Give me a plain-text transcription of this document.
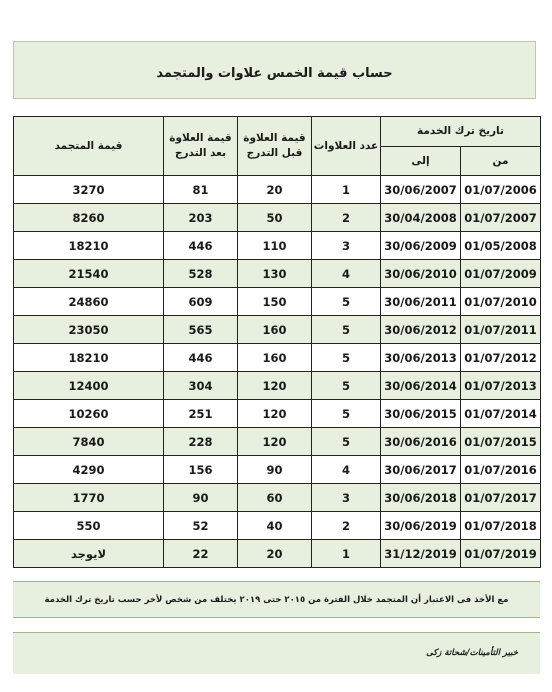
حساب قيمة الخمس علاوات والمتجمد
تاريخ ترك الخدمة		عدد العلاوات	قيمة العلاوة قبل التدرج	قيمة العلاوة بعد التدرج	قيمة المتجمد

من	إلى				
01/07/2006	30/06/2007	1	20	81	3270
01/07/2007	30/04/2008	2	50	203	8260
01/05/2008	30/06/2009	3	110	446	18210
01/07/2009	30/06/2010	4	130	528	21540
01/07/2010	30/06/2011	5	150	609	24860
01/07/2011	30/06/2012	5	160	565	23050
01/07/2012	30/06/2013	5	160	446	18210
01/07/2013	30/06/2014	5	120	304	12400
01/07/2014	30/06/2015	5	120	251	10260
01/07/2015	30/06/2016	5	120	228	7840
01/07/2016	30/06/2017	4	90	156	4290
01/07/2017	30/06/2018	3	60	90	1770
01/07/2018	30/06/2019	2	40	52	550
01/07/2019	31/12/2019	1	20	22	لايوجد
مع الأخذ فى الاعتبار أن المتجمد خلال الفترة من ٢٠١٥ حتى ٢٠١٩ يختلف من شخص لأخر حسب تاريخ ترك الخدمة
خبير التأمينات/شحاتة زكى
